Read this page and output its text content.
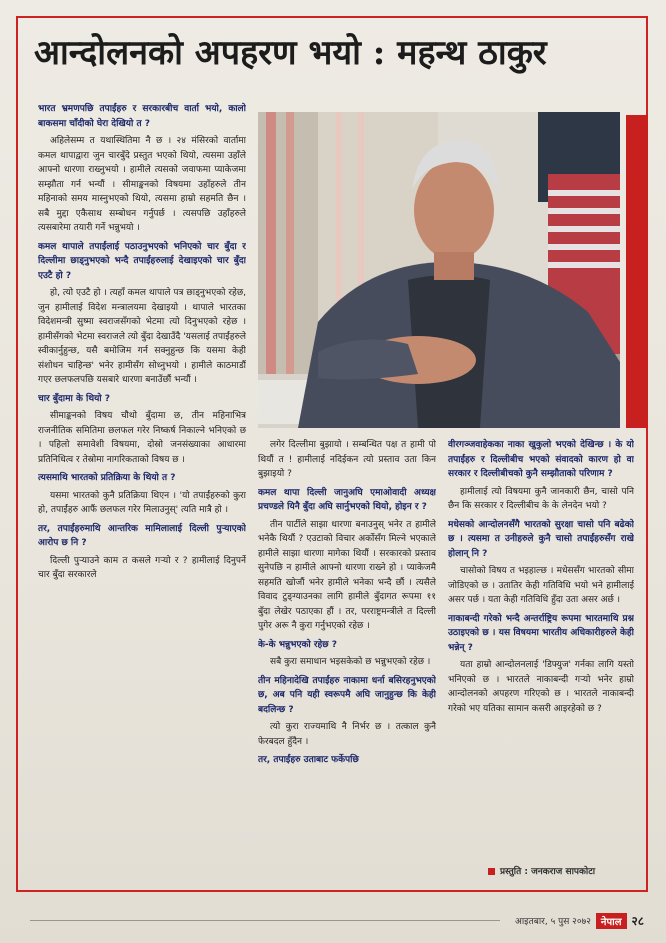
आन्दोलनको अपहरण भयो : महन्थ ठाकुर
भारत भ्रमणपछि तपाईंहरु र सरकारबीच वार्ता भयो, कालो बाकसमा चाँदीको घेरा देखियो त ?
अहिलेसम्म त यथास्थितिमा नै छ । २४ मंसिरको वार्तामा कमल थापाद्वारा जुन चारबुँदे प्रस्तुत भएको थियो, त्यसमा उहाँले आफ्नो धारणा राख्नुभयो । हामीले त्यसको जवाफमा प्याकेजमा सम्झौता गर्न भन्यौं । सीमाङ्कनको विषयमा उहाँहरुले तीन महिनाको समय मास्नुभएको थियो, त्यसमा हाम्रो सहमति छैन । सबै मुद्दा एकैसाथ सम्बोधन गर्नुपर्छ । त्यसपछि उहाँहरुले त्यसबारेमा तयारी गर्ने भन्नुभयो ।
कमल थापाले तपाईंलाई पठाउनुभएको भनिएको चार बुँदा र दिल्लीमा छाड्नुभएको भन्दै तपाईंहरुलाई देखाइएको चार बुँदा एउटै हो ?
हो, त्यो एउटै हो । त्यहाँ कमल थापाले पत्र छाड्नुभएको रहेछ, जुन हामीलाई विदेश मन्त्रालयमा देखाइयो । थापाले भारतका विदेशमन्त्री सुष्मा स्वराजसँगको भेटमा त्यो दिनुभएको रहेछ । हामीसँगको भेटमा स्वराजले त्यो बुँदा देखाउँदै 'यसलाई तपाईंहरुले स्वीकार्नुहुन्छ, यसै बमोजिम गर्न सक्नुहुन्छ कि यसमा केही संशोधन चाहिन्छ' भनेर हामीसँग सोध्नुभयो । हामीले काठमाडौं गएर छलफलपछि यसबारे धारणा बनाउँछौं भन्यौं ।
चार बुँदामा के थियो ?
सीमाङ्कनको विषय चौथो बुँदामा छ, तीन महिनाभित्र राजनीतिक समितिमा छलफल गरेर निष्कर्ष निकाल्ने भनिएको छ । पहिलो समावेशी विषयमा, दोस्रो जनसंख्याका आधारमा प्रतिनिधित्व र तेस्रोमा नागरिकताको विषय छ ।
त्यसमाथि भारतको प्रतिक्रिया के थियो त ?
यसमा भारतको कुनै प्रतिक्रिया थिएन । 'यो तपाईंहरुको कुरा हो, तपाईंहरु आफैं छलफल गरेर मिलाउनुस्' त्यति मात्रै हो ।
तर, तपाईंहरुमाथि आन्तरिक मामिलालाई दिल्ली पुऱ्याएको आरोप छ नि ?
दिल्ली पुऱ्याउने काम त कसले गऱ्यो र ? हामीलाई दिनुपर्ने चार बुँदा सरकारले
लगेर दिल्लीमा बुझायो । सम्बन्धित पक्ष त हामी पो थियौं त ! हामीलाई नदिईकन त्यो प्रस्ताव उता किन बुझाइयो ?
कमल थापा दिल्ली जानुअघि एमाओवादी अध्यक्ष प्रचण्डले यिनै बुँदा अघि सार्नुभएको थियो, होइन र ?
तीन पार्टीले साझा धारणा बनाउनुस् भनेर त हामीले भनेकै थियौं ? एउटाको विचार अर्कोसँग मिल्ने भएकाले हामीले साझा धारणा मागेका थियौं । सरकारको प्रस्ताव सुनेपछि न हामीले आफ्नो धारणा राख्ने हो । प्याकेजमै सहमति खोजौं भनेर हामीले भनेका भन्दै छौं । त्यसैले विवाद टुङ्ग्याउनका लागि हामीले बुँदागत रूपमा ११ बुँदा लेखेर पठाएका हौं । तर, परराष्ट्रमन्त्रीले त दिल्ली पुगेर अरू नै कुरा गर्नुभएको रहेछ ।
के-के भन्नुभएको रहेछ ?
सबै कुरा समाधान भइसकेको छ भन्नुभएको रहेछ ।
तीन महिनादेखि तपाईंहरु नाकामा धर्ना बसिरहनुभएको छ, अब पनि यही स्वरूपमै अघि जानुहुन्छ कि केही बदलिन्छ ?
त्यो कुरा राज्यमाथि नै निर्भर छ । तत्काल कुनै फेरबदल हुँदैन ।
तर, तपाईंहरु उताबाट फर्केपछि
वीरगञ्जवाहेकका नाका खुकुलो भएको देखिन्छ । के यो तपाईंहरु र दिल्लीबीच भएको संवादको कारण हो वा सरकार र दिल्लीबीचको कुनै सम्झौताको परिणाम ?
हामीलाई त्यो विषयमा कुनै जानकारी छैन, चासो पनि छैन कि सरकार र दिल्लीबीच के के लेनदेन भयो ?
मधेसको आन्दोलनसँगै भारतको सुरक्षा चासो पनि बढेको छ । त्यसमा त उनीहरुले कुनै चासो तपाईंहरुसँग राखे होलान् नि ?
चासोको विषय त भइहाल्छ । मधेससँग भारतको सीमा जोडिएको छ । उतातिर केही गतिविधि भयो भने हामीलाई असर पर्छ । यता केही गतिविधि हुँदा उता असर अर्छ ।
नाकाबन्दी गरेको भन्दै अन्तर्राष्ट्रिय रूपमा भारतमाथि प्रश्न उठाइएको छ । यस विषयमा भारतीय अधिकारीहरुले केही भन्नेन् ?
यता हाम्रो आन्दोलनलाई 'डिफ्युज' गर्नका लागि यस्तो भनिएको छ । भारतले नाकाबन्दी गऱ्यो भनेर हाम्रो आन्दोलनको अपहरण गरिएको छ । भारतले नाकाबन्दी गरेको भए यतिका सामान कसरी आइरहेको छ ?
प्रस्तुति : जनकराज सापकोटा
आइतबार, ५ पुस २०७२	नेपाल २८
